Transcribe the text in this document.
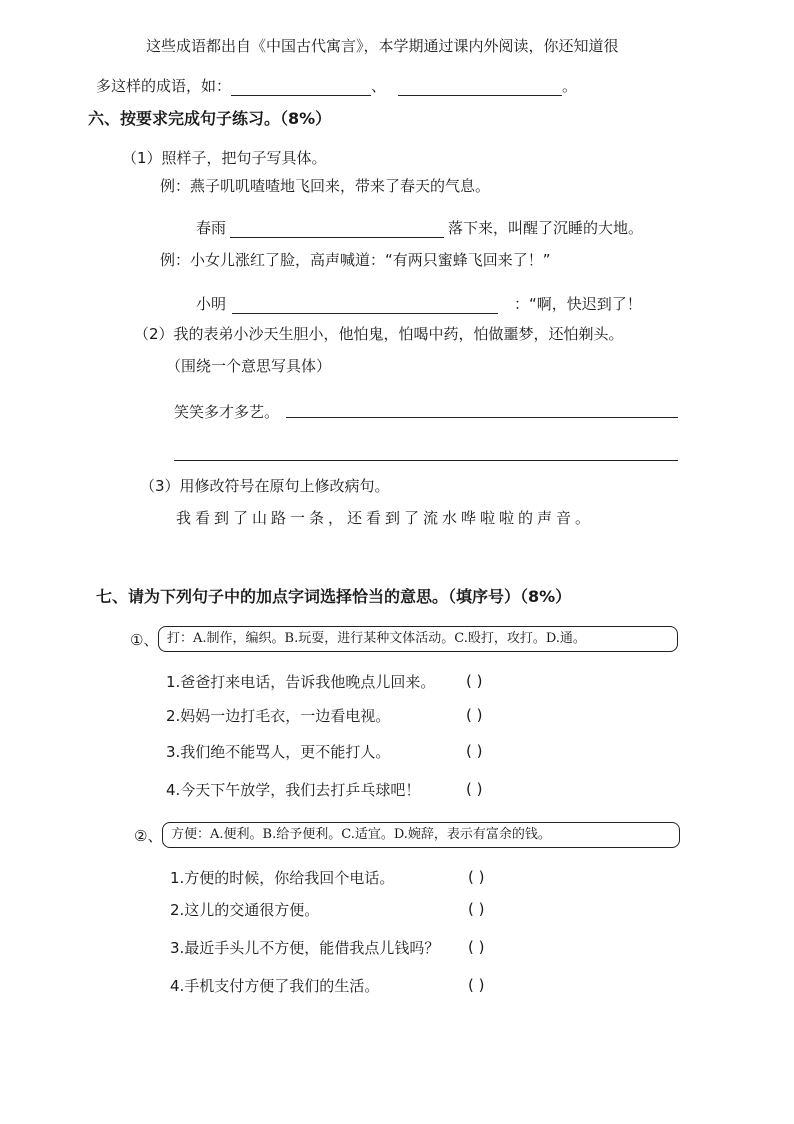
这些成语都出自《中国古代寓言》，本学期通过课内外阅读，你还知道很
多这样的成语，如：	、	。
六、按要求完成句子练习。（8%）
（1）照样子，把句子写具体。
例：燕子叽叽喳喳地飞回来，带来了春天的气息。
春雨	落下来，叫醒了沉睡的大地。
例：小女儿涨红了脸，高声喊道：“有两只蜜蜂飞回来了！”
小明	：“啊，快迟到了！
（2）我的表弟小沙天生胆小，他怕鬼，怕喝中药，怕做噩梦，还怕剃头。
（围绕一个意思写具体）
笑笑多才多艺。
（3）用修改符号在原句上修改病句。
我看到了山路一条，还看到了流水哗啦啦的声音。
七、请为下列句子中的加点字词选择恰当的意思。（填序号）（8%）
①、 打：A.制作，编织。B.玩耍，进行某种文体活动。C.殴打，攻打。D.通。
1.爸爸打来电话，告诉我他晚点儿回来。 ( )
2.妈妈一边打毛衣，一边看电视。	( )
3.我们绝不能骂人，更不能打人。	( )
4.今天下午放学，我们去打乒乓球吧！	( )
②、 方便：A.便利。B.给予便利。C.适宜。D.婉辞，表示有富余的钱。
1.方便的时候，你给我回个电话。	( )
2.这儿的交通很方便。	( )
3.最近手头儿不方便，能借我点儿钱吗？ ( )
4.手机支付方便了我们的生活。	( )
